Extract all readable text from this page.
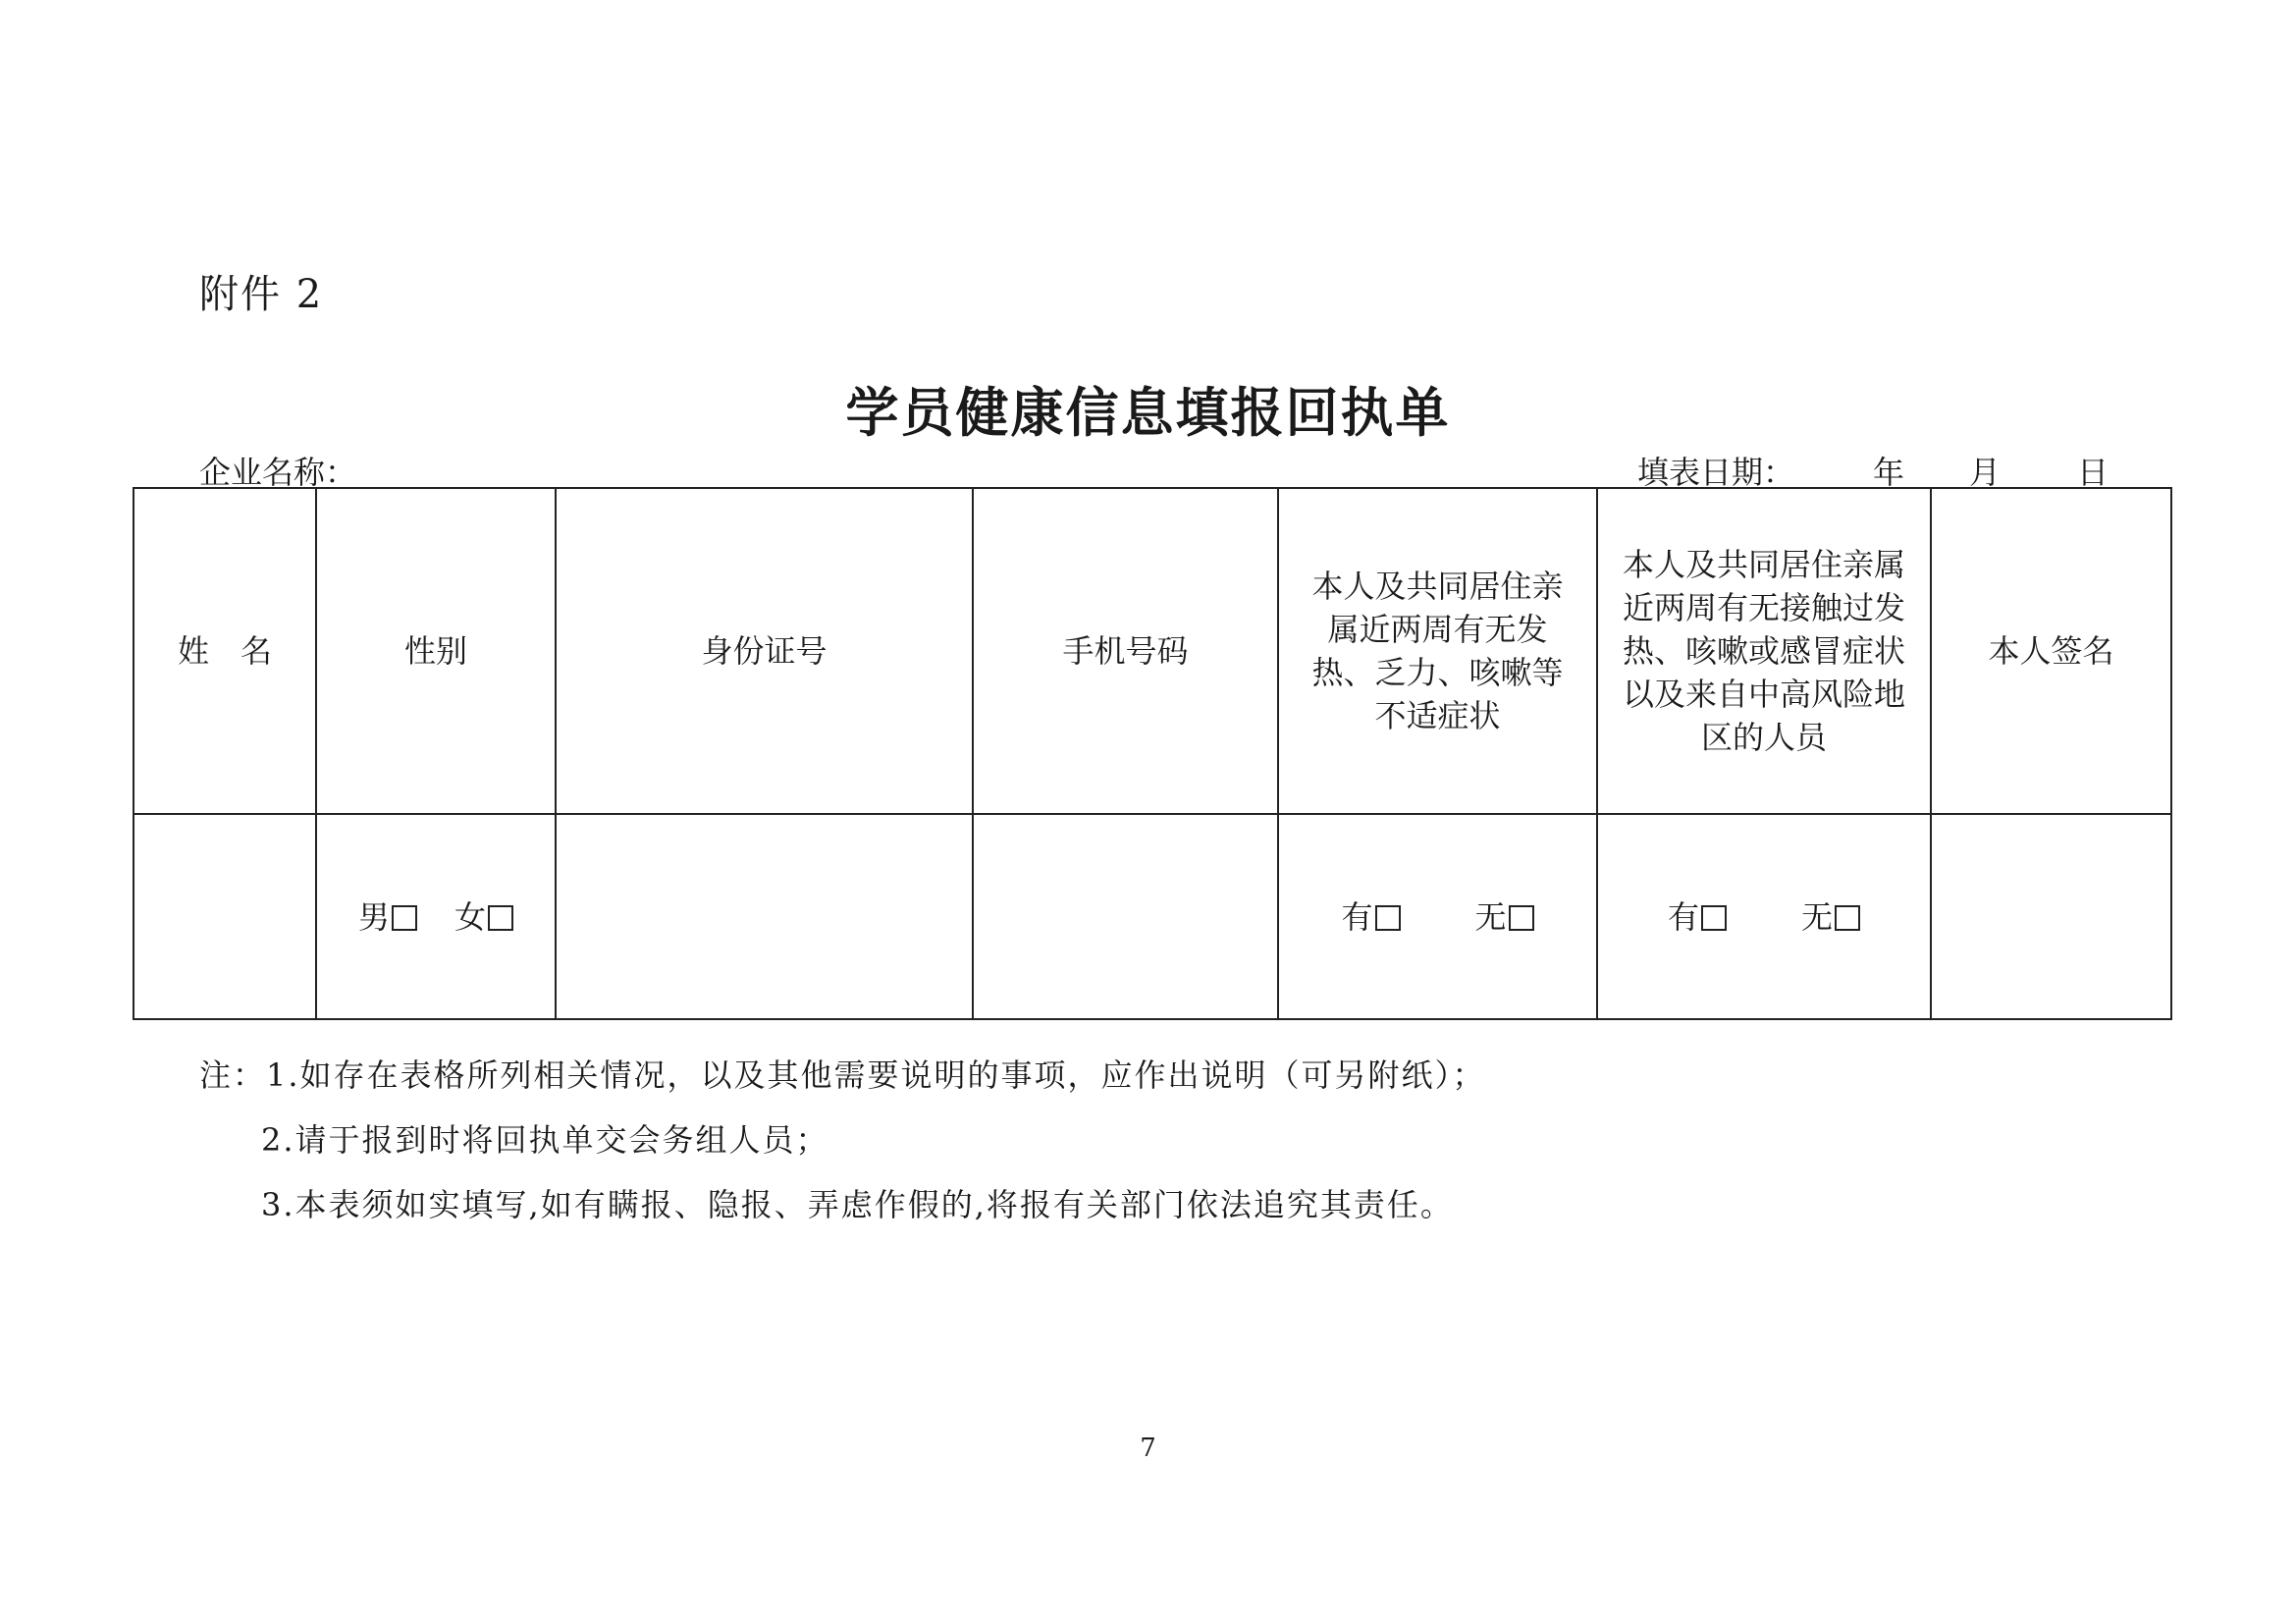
附件 2
学员健康信息填报回执单
企业名称：	填表日期： 年 月 日
姓　名	性别	身份证号	手机号码	本人及共同居住亲属近两周有无发热、乏力、咳嗽等不适症状	本人及共同居住亲属近两周有无接触过发热、咳嗽或感冒症状以及来自中高风险地区的人员	本人签名

	男 女			有 无	有 无	
注：1.如存在表格所列相关情况，以及其他需要说明的事项，应作出说明（可另附纸）；
2.请于报到时将回执单交会务组人员；
3.本表须如实填写,如有瞒报、隐报、弄虑作假的,将报有关部门依法追究其责任。
7
